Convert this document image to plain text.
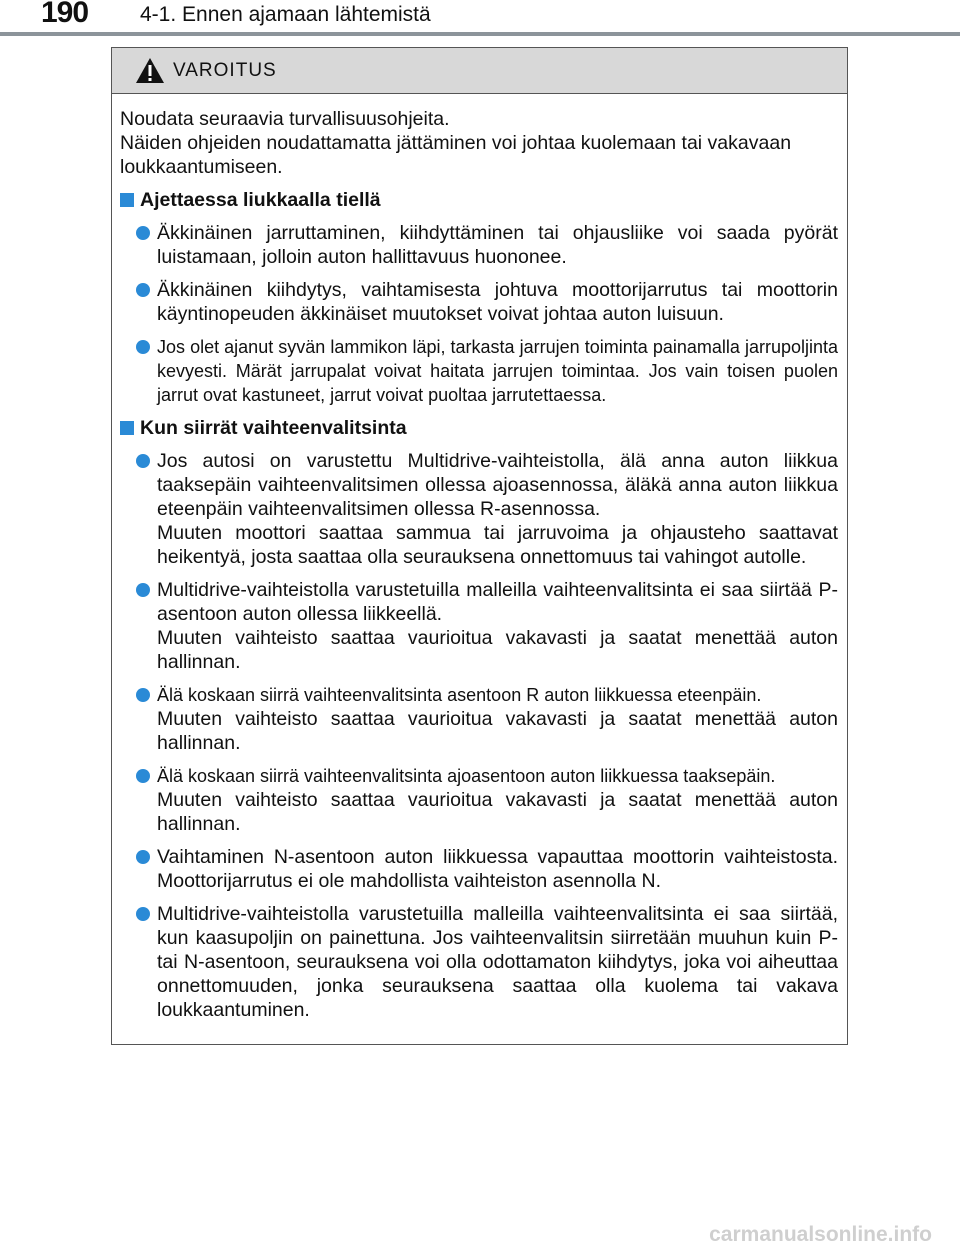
190 4-1. Ennen ajamaan lähtemistä
VAROITUS

Noudata seuraavia turvallisuusohjeita.

Näiden ohjeiden noudattamatta jättäminen voi johtaa kuolemaan tai vakavaan loukkaantumiseen.

Ajettaessa liukkaalla tiellä

Äkkinäinen jarruttaminen, kiihdyttäminen tai ohjausliike voi saada pyörät luistamaan, jolloin auton hallittavuus huononee.

Äkkinäinen kiihdytys, vaihtamisesta johtuva moottorijarrutus tai moottorin käyntinopeuden äkkinäiset muutokset voivat johtaa auton luisuun.

Jos olet ajanut syvän lammikon läpi, tarkasta jarrujen toiminta painamalla jarrupoljinta kevyesti. Märät jarrupalat voivat haitata jarrujen toimintaa. Jos vain toisen puolen jarrut ovat kastuneet, jarrut voivat puoltaa jarrutettaessa.

Kun siirrät vaihteenvalitsinta

Jos autosi on varustettu Multidrive-vaihteistolla, älä anna auton liikkua taaksepäin vaihteenvalitsimen ollessa ajoasennossa, äläkä anna auton liikkua eteenpäin vaihteenvalitsimen ollessa R-asennossa.

Muuten moottori saattaa sammua tai jarruvoima ja ohjausteho saattavat heikentyä, josta saattaa olla seurauksena onnettomuus tai vahingot autolle.

Multidrive-vaihteistolla varustetuilla malleilla vaihteenvalitsinta ei saa siirtää P-asentoon auton ollessa liikkeellä.

Muuten vaihteisto saattaa vaurioitua vakavasti ja saatat menettää auton hallinnan.

Älä koskaan siirrä vaihteenvalitsinta asentoon R auton liikkuessa eteenpäin.

Muuten vaihteisto saattaa vaurioitua vakavasti ja saatat menettää auton hallinnan.

Älä koskaan siirrä vaihteenvalitsinta ajoasentoon auton liikkuessa taaksepäin.

Muuten vaihteisto saattaa vaurioitua vakavasti ja saatat menettää auton hallinnan.

Vaihtaminen N-asentoon auton liikkuessa vapauttaa moottorin vaihteistosta. Moottorijarrutus ei ole mahdollista vaihteiston asennolla N.

Multidrive-vaihteistolla varustetuilla malleilla vaihteenvalitsinta ei saa siirtää, kun kaasupoljin on painettuna. Jos vaihteenvalitsin siirretään muuhun kuin P- tai N-asentoon, seurauksena voi olla odottamaton kiihdytys, joka voi aiheuttaa onnettomuuden, jonka seurauksena saattaa olla kuolema tai vakava loukkaantuminen.

carmanualsonline.info
